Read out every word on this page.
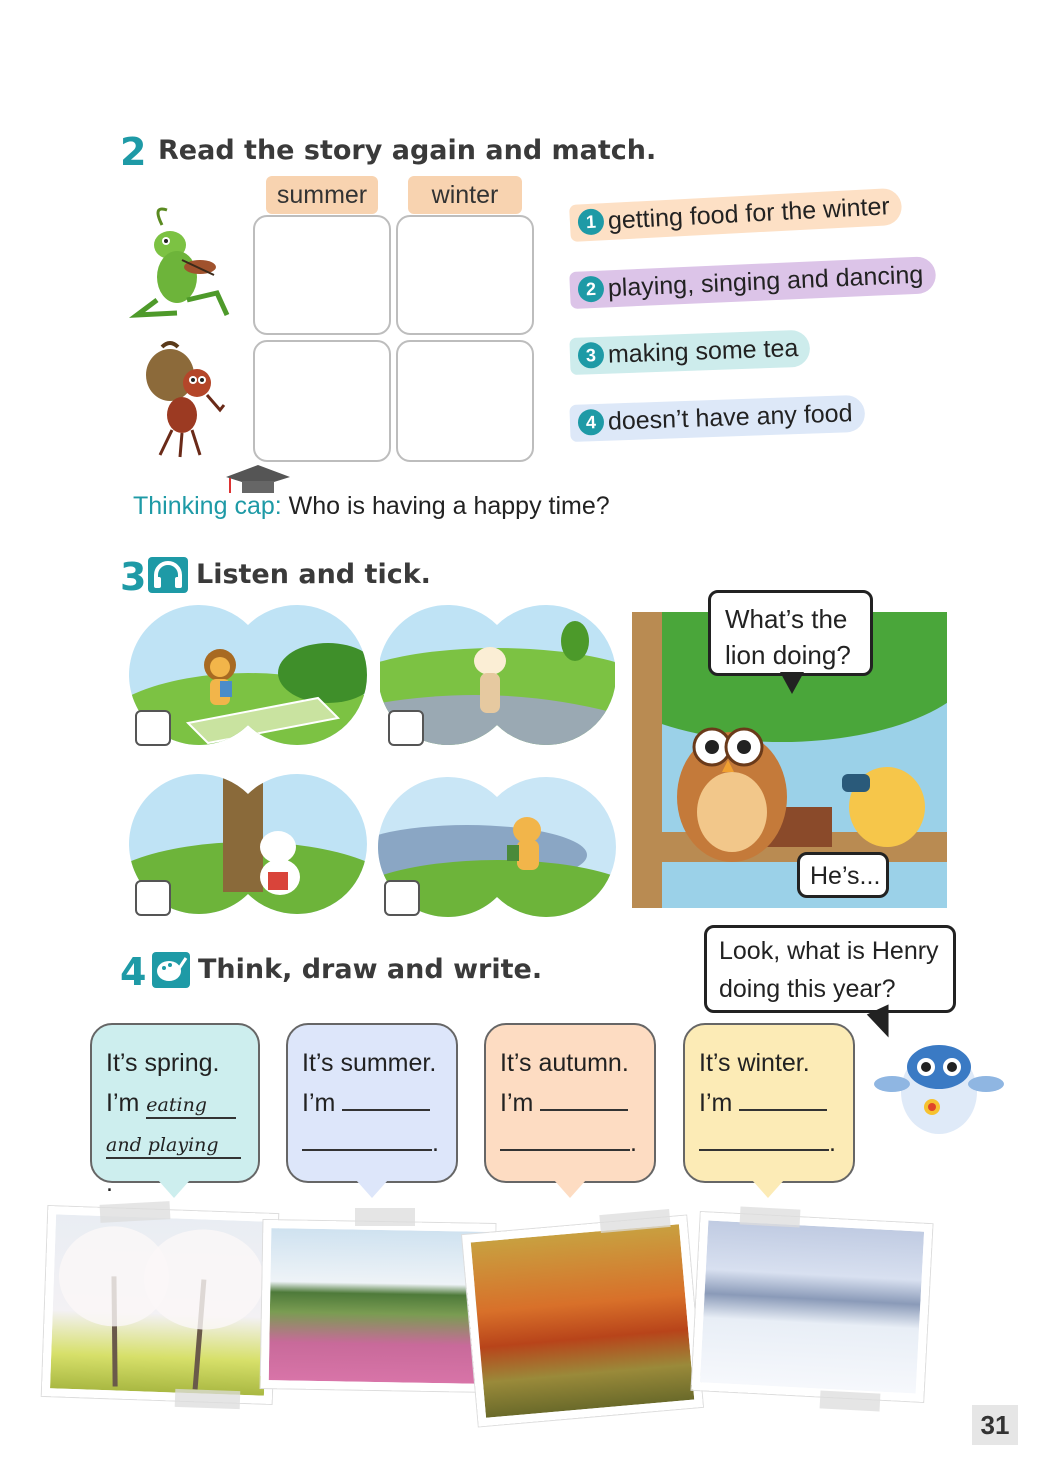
2 Read the story again and match.
summer	winter
1 getting food for the winter
2 playing, singing and dancing
3 making some tea
4 doesn’t have any food
Thinking cap: Who is having a happy time?
3 Listen and tick.
What’s the
lion doing?
He’s...
4 Think, draw and write.
Look, what is Henry
doing this year?
It’s spring.
I’m eating
and playing.
It’s summer.
I’m
.
It’s autumn.
I’m
.
It’s winter.
I’m
.
31
